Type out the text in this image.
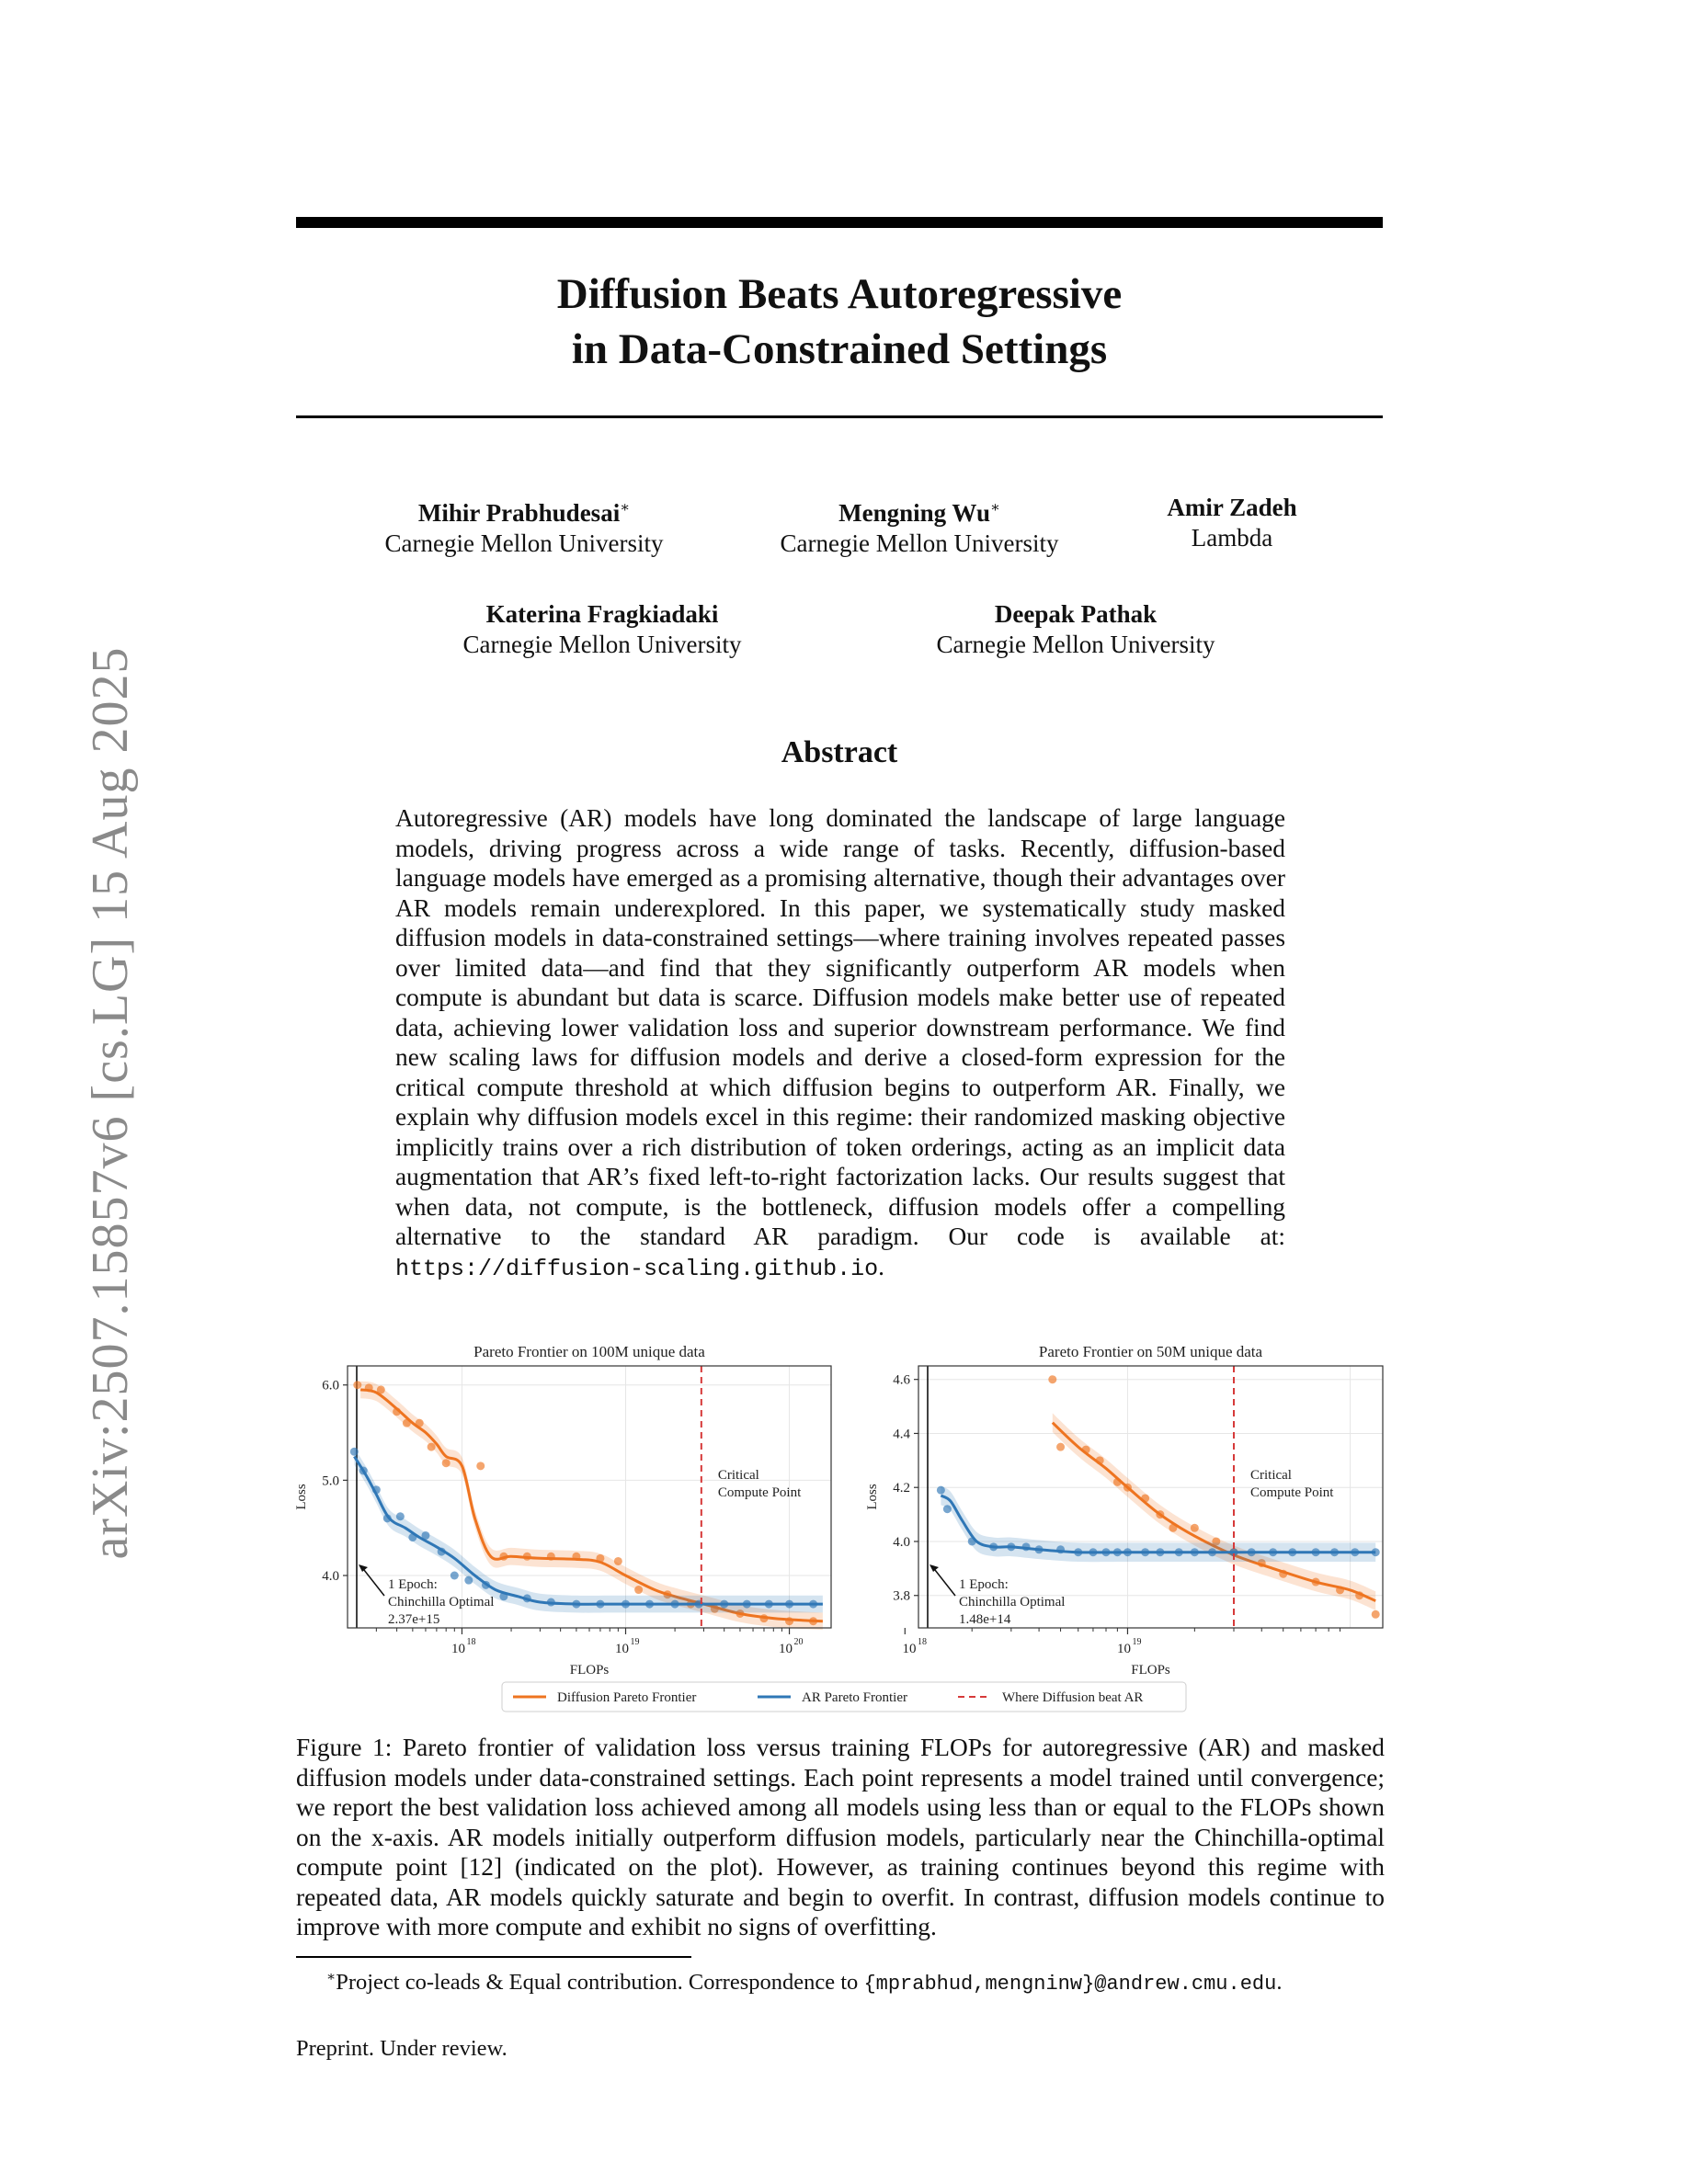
arXiv:2507.15857v6 [cs.LG] 15 Aug 2025
Diffusion Beats Autoregressive
in Data-Constrained Settings
Mihir Prabhudesai∗
Carnegie Mellon University
Mengning Wu∗
Carnegie Mellon University
Amir Zadeh
Lambda
Katerina Fragkiadaki
Carnegie Mellon University
Deepak Pathak
Carnegie Mellon University
Abstract
Autoregressive (AR) models have long dominated the landscape of large language models, driving progress across a wide range of tasks. Recently, diffusion-based language models have emerged as a promising alternative, though their advantages over AR models remain underexplored. In this paper, we systematically study masked diffusion models in data-constrained settings—where training involves repeated passes over limited data—and find that they significantly outperform AR models when compute is abundant but data is scarce. Diffusion models make better use of repeated data, achieving lower validation loss and superior downstream performance. We find new scaling laws for diffusion models and derive a closed-form expression for the critical compute threshold at which diffusion begins to outperform AR. Finally, we explain why diffusion models excel in this regime: their randomized masking objective implicitly trains over a rich distribution of token orderings, acting as an implicit data augmentation that AR’s fixed left-to-right factorization lacks. Our results suggest that when data, not compute, is the bottleneck, diffusion models offer a compelling alternative to the standard AR paradigm. Our code is available at: https://diffusion-scaling.github.io.
Critical
Compute Point
1 Epoch:
Chinchilla Optimal
2.37e+15
4.0
5.0
6.0
10 18	10 19	10 20
Pareto Frontier on 100M unique data
FLOPs
Loss
Critical
Compute Point
1 Epoch:
Chinchilla Optimal
1.48e+14
3.8
4.0
4.2
4.4
4.6
10 18	10 19
Pareto Frontier on 50M unique data
FLOPs
Loss
Diffusion Pareto Frontier	AR Pareto Frontier	Where Diffusion beat AR
Figure 1: Pareto frontier of validation loss versus training FLOPs for autoregressive (AR) and masked diffusion models under data-constrained settings. Each point represents a model trained until convergence; we report the best validation loss achieved among all models using less than or equal to the FLOPs shown on the x-axis. AR models initially outperform diffusion models, particularly near the Chinchilla-optimal compute point [12] (indicated on the plot). However, as training continues beyond this regime with repeated data, AR models quickly saturate and begin to overfit. In contrast, diffusion models continue to improve with more compute and exhibit no signs of overfitting.
∗Project co-leads & Equal contribution. Correspondence to {mprabhud,mengninw}@andrew.cmu.edu.
Preprint. Under review.
